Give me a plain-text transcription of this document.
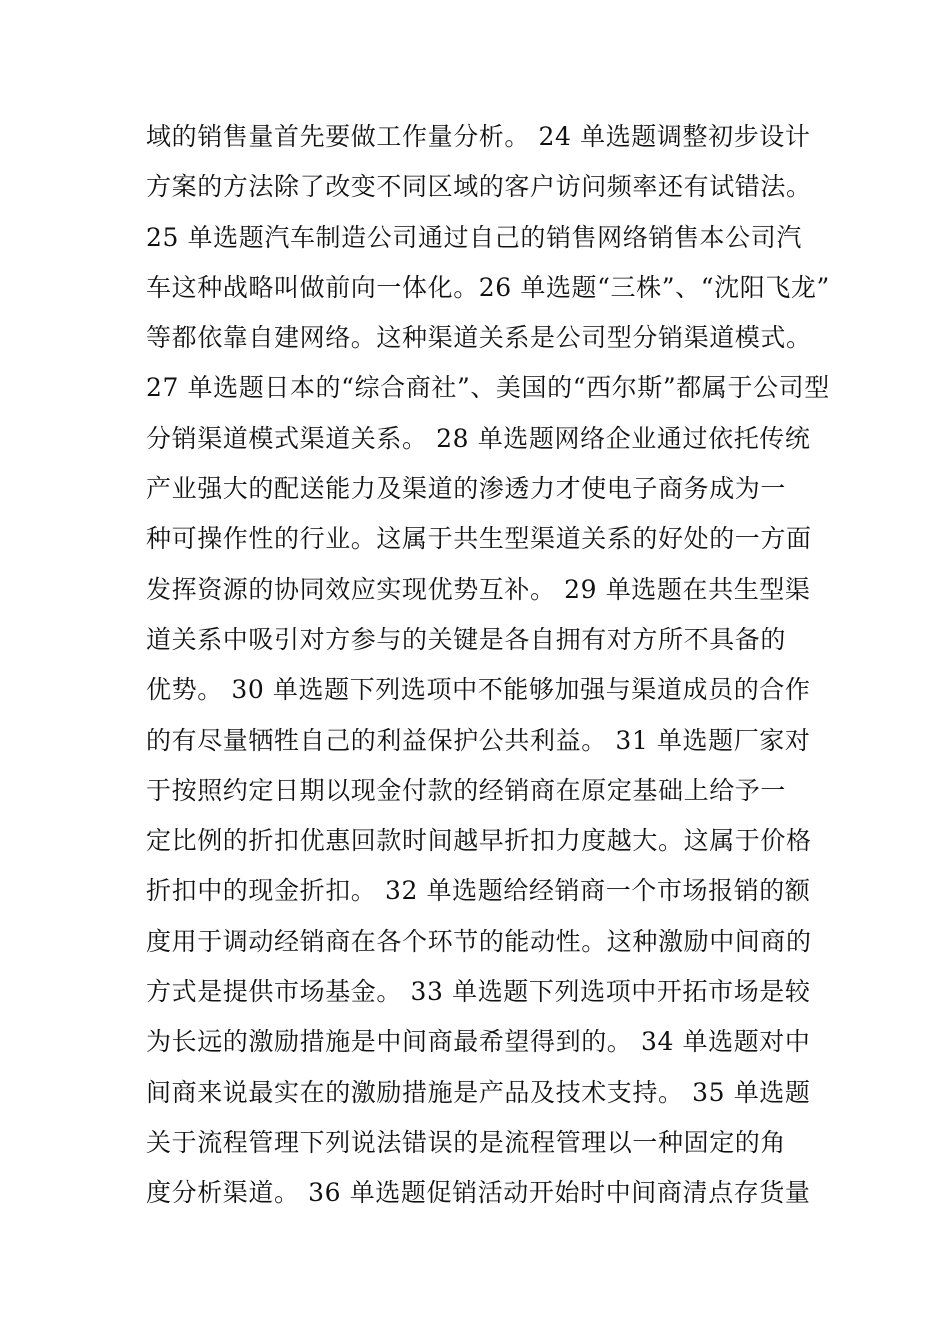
域的销售量首先要做工作量分析。 24 单选题调整初步设计
方案的方法除了改变不同区域的客户访问频率还有试错法。
25 单选题汽车制造公司通过自己的销售网络销售本公司汽
车这种战略叫做前向一体化。26 单选题“三株”、“沈阳飞龙”
等都依靠自建网络。这种渠道关系是公司型分销渠道模式。
27 单选题日本的“综合商社”、美国的“西尔斯”都属于公司型
分销渠道模式渠道关系。 28 单选题网络企业通过依托传统
产业强大的配送能力及渠道的渗透力才使电子商务成为一
种可操作性的行业。这属于共生型渠道关系的好处的一方面
发挥资源的协同效应实现优势互补。 29 单选题在共生型渠
道关系中吸引对方参与的关键是各自拥有对方所不具备的
优势。 30 单选题下列选项中不能够加强与渠道成员的合作
的有尽量牺牲自己的利益保护公共利益。 31 单选题厂家对
于按照约定日期以现金付款的经销商在原定基础上给予一
定比例的折扣优惠回款时间越早折扣力度越大。这属于价格
折扣中的现金折扣。 32 单选题给经销商一个市场报销的额
度用于调动经销商在各个环节的能动性。这种激励中间商的
方式是提供市场基金。 33 单选题下列选项中开拓市场是较
为长远的激励措施是中间商最希望得到的。 34 单选题对中
间商来说最实在的激励措施是产品及技术支持。 35 单选题
关于流程管理下列说法错误的是流程管理以一种固定的角
度分析渠道。 36 单选题促销活动开始时中间商清点存货量
